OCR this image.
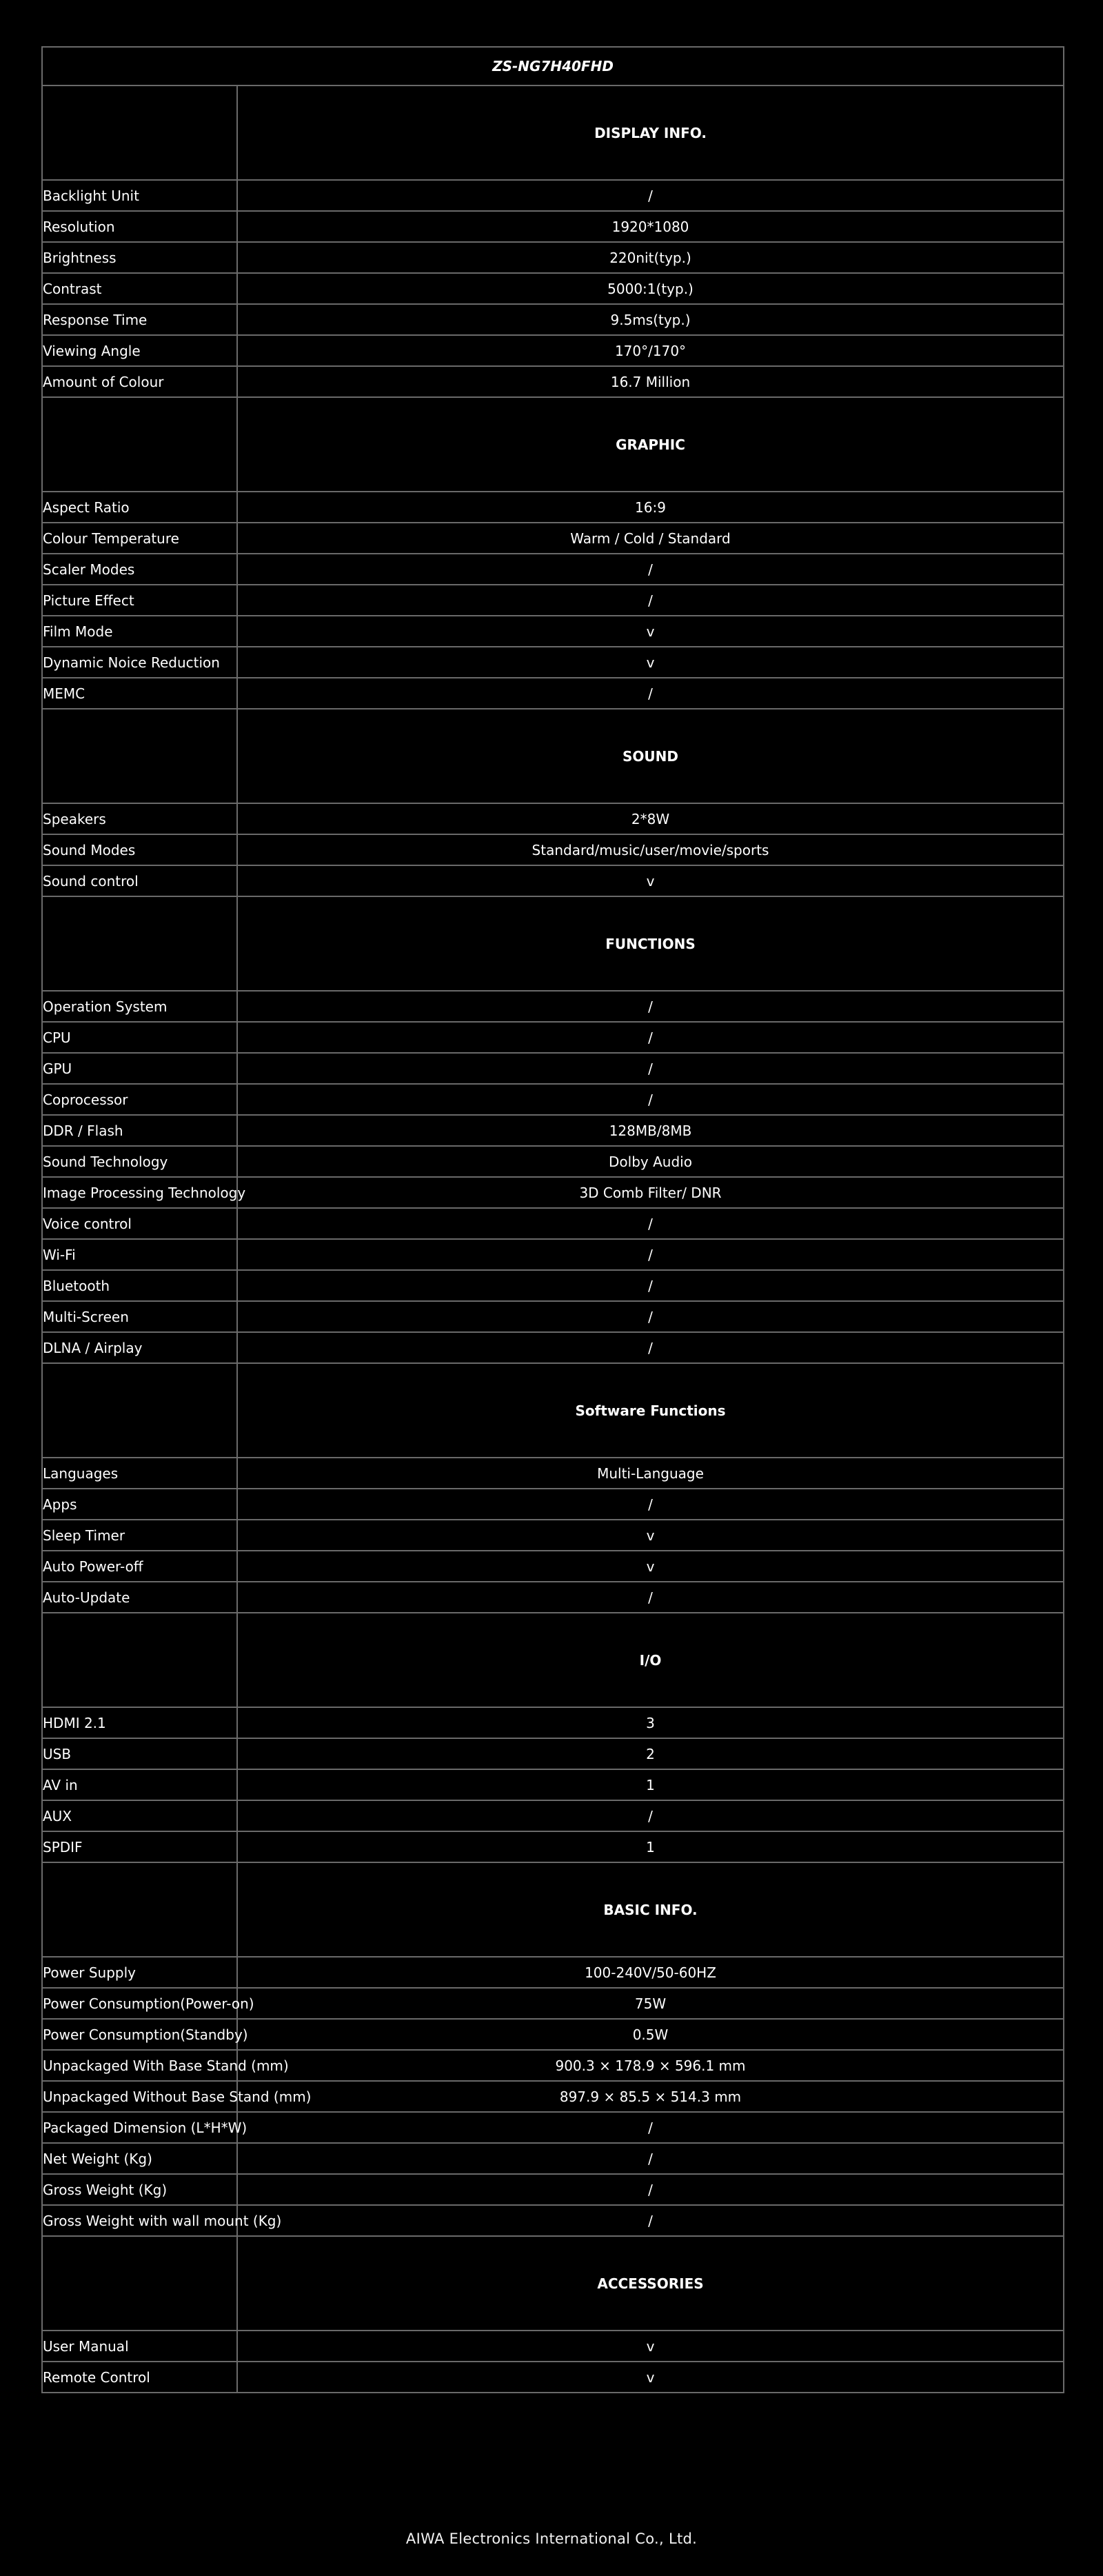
ZS-NG7H40FHD	
	DISPLAY INFO.
Backlight Unit	/
Resolution	1920*1080
Brightness	220nit(typ.)
Contrast	5000:1(typ.)
Response Time	9.5ms(typ.)
Viewing Angle	170°/170°
Amount of Colour	16.7 Million
	GRAPHIC
Aspect Ratio	16:9
Colour Temperature	Warm / Cold / Standard
Scaler Modes	/
Picture Effect	/
Film Mode	v
Dynamic Noice Reduction	v
MEMC	/
	SOUND
Speakers	2*8W
Sound Modes	Standard/music/user/movie/sports
Sound control	v
	FUNCTIONS
Operation System	/
CPU	/
GPU	/
Coprocessor	/
DDR / Flash	128MB/8MB
Sound Technology	Dolby Audio
Image Processing Technology	3D Comb Filter/ DNR
Voice control	/
Wi-Fi	/
Bluetooth	/
Multi-Screen	/
DLNA / Airplay	/
	Software Functions
Languages	Multi-Language
Apps	/
Sleep Timer	v
Auto Power-off	v
Auto-Update	/
	I/O
HDMI 2.1	3
USB	2
AV in	1
AUX	/
SPDIF	1
	BASIC INFO.
Power Supply	100-240V/50-60HZ
Power Consumption(Power-on)	75W
Power Consumption(Standby)	0.5W
Unpackaged With Base Stand (mm)	900.3 × 178.9 × 596.1 mm
Unpackaged Without Base Stand (mm)	897.9 × 85.5 × 514.3 mm
Packaged Dimension (L*H*W)	/
Net Weight (Kg)	/
Gross Weight (Kg)	/
Gross Weight with wall mount (Kg)	/
	ACCESSORIES
User Manual	v
Remote Control	v
AIWA Electronics International Co., Ltd.
